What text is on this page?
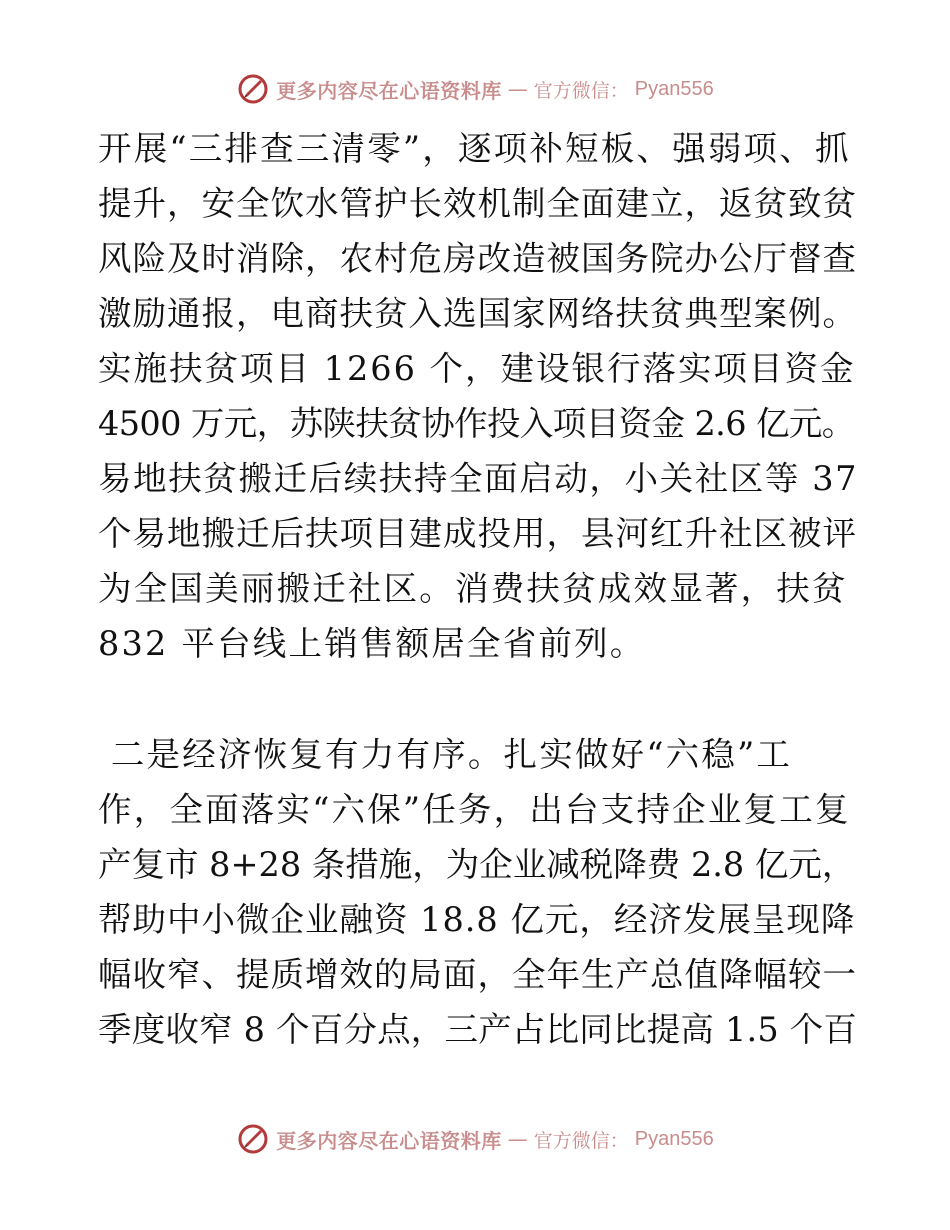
更多内容尽在心语资料库 — 官方微信： Pyan556
开展“三排查三清零”，逐项补短板、强弱项、抓
提升，安全饮水管护长效机制全面建立，返贫致贫
风险及时消除，农村危房改造被国务院办公厅督查
激励通报，电商扶贫入选国家网络扶贫典型案例。
实施扶贫项目 1266 个，建设银行落实项目资金
4500 万元，苏陕扶贫协作投入项目资金 2.6 亿元。
易地扶贫搬迁后续扶持全面启动，小关社区等 37
个易地搬迁后扶项目建成投用，县河红升社区被评
为全国美丽搬迁社区。消费扶贫成效显著，扶贫
832 平台线上销售额居全省前列。
二是经济恢复有力有序。扎实做好“六稳”工
作，全面落实“六保”任务，出台支持企业复工复
产复市 8+28 条措施，为企业减税降费 2.8 亿元，
帮助中小微企业融资 18.8 亿元，经济发展呈现降
幅收窄、提质增效的局面，全年生产总值降幅较一
季度收窄 8 个百分点，三产占比同比提高 1.5 个百
更多内容尽在心语资料库 — 官方微信： Pyan556
